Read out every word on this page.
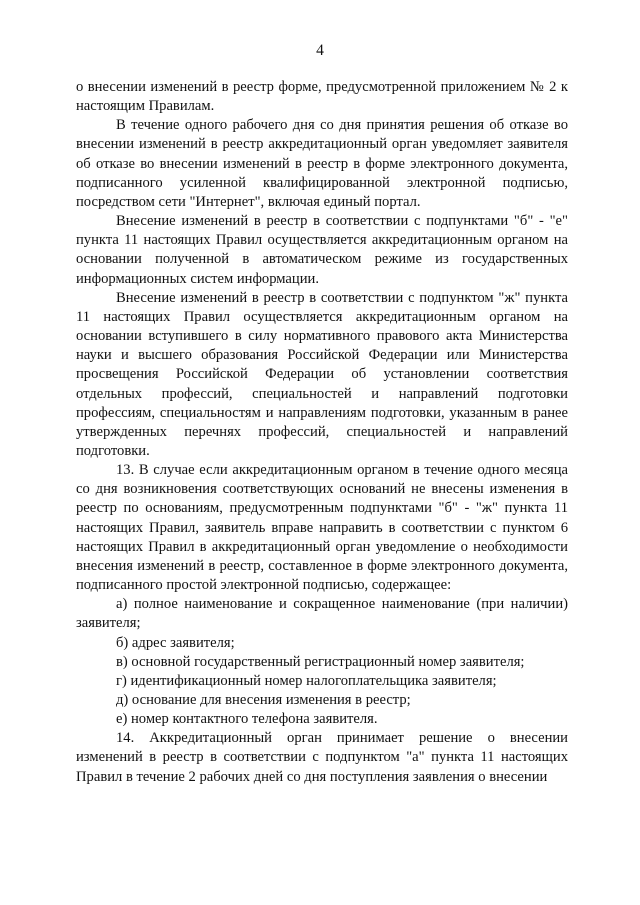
4

о внесении изменений в реестр форме, предусмотренной приложением № 2 к настоящим Правилам.

В течение одного рабочего дня со дня принятия решения об отказе во внесении изменений в реестр аккредитационный орган уведомляет заявителя об отказе во внесении изменений в реестр в форме электронного документа, подписанного усиленной квалифицированной электронной подписью, посредством сети "Интернет", включая единый портал.

Внесение изменений в реестр в соответствии с подпунктами "б" - "е" пункта 11 настоящих Правил осуществляется аккредитационным органом на основании полученной в автоматическом режиме из государственных информационных систем информации.

Внесение изменений в реестр в соответствии с подпунктом "ж" пункта 11 настоящих Правил осуществляется аккредитационным органом на основании вступившего в силу нормативного правового акта Министерства науки и высшего образования Российской Федерации или Министерства просвещения Российской Федерации об установлении соответствия отдельных профессий, специальностей и направлений подготовки профессиям, специальностям и направлениям подготовки, указанным в ранее утвержденных перечнях профессий, специальностей и направлений подготовки.

13. В случае если аккредитационным органом в течение одного месяца со дня возникновения соответствующих оснований не внесены изменения в реестр по основаниям, предусмотренным подпунктами "б" - "ж" пункта 11 настоящих Правил, заявитель вправе направить в соответствии с пунктом 6 настоящих Правил в аккредитационный орган уведомление о необходимости внесения изменений в реестр, составленное в форме электронного документа, подписанного простой электронной подписью, содержащее:

а) полное наименование и сокращенное наименование (при наличии) заявителя;

б) адрес заявителя;

в) основной государственный регистрационный номер заявителя;

г) идентификационный номер налогоплательщика заявителя;

д) основание для внесения изменения в реестр;

е) номер контактного телефона заявителя.

14. Аккредитационный орган принимает решение о внесении изменений в реестр в соответствии с подпунктом "а" пункта 11 настоящих Правил в течение 2 рабочих дней со дня поступления заявления о внесении
